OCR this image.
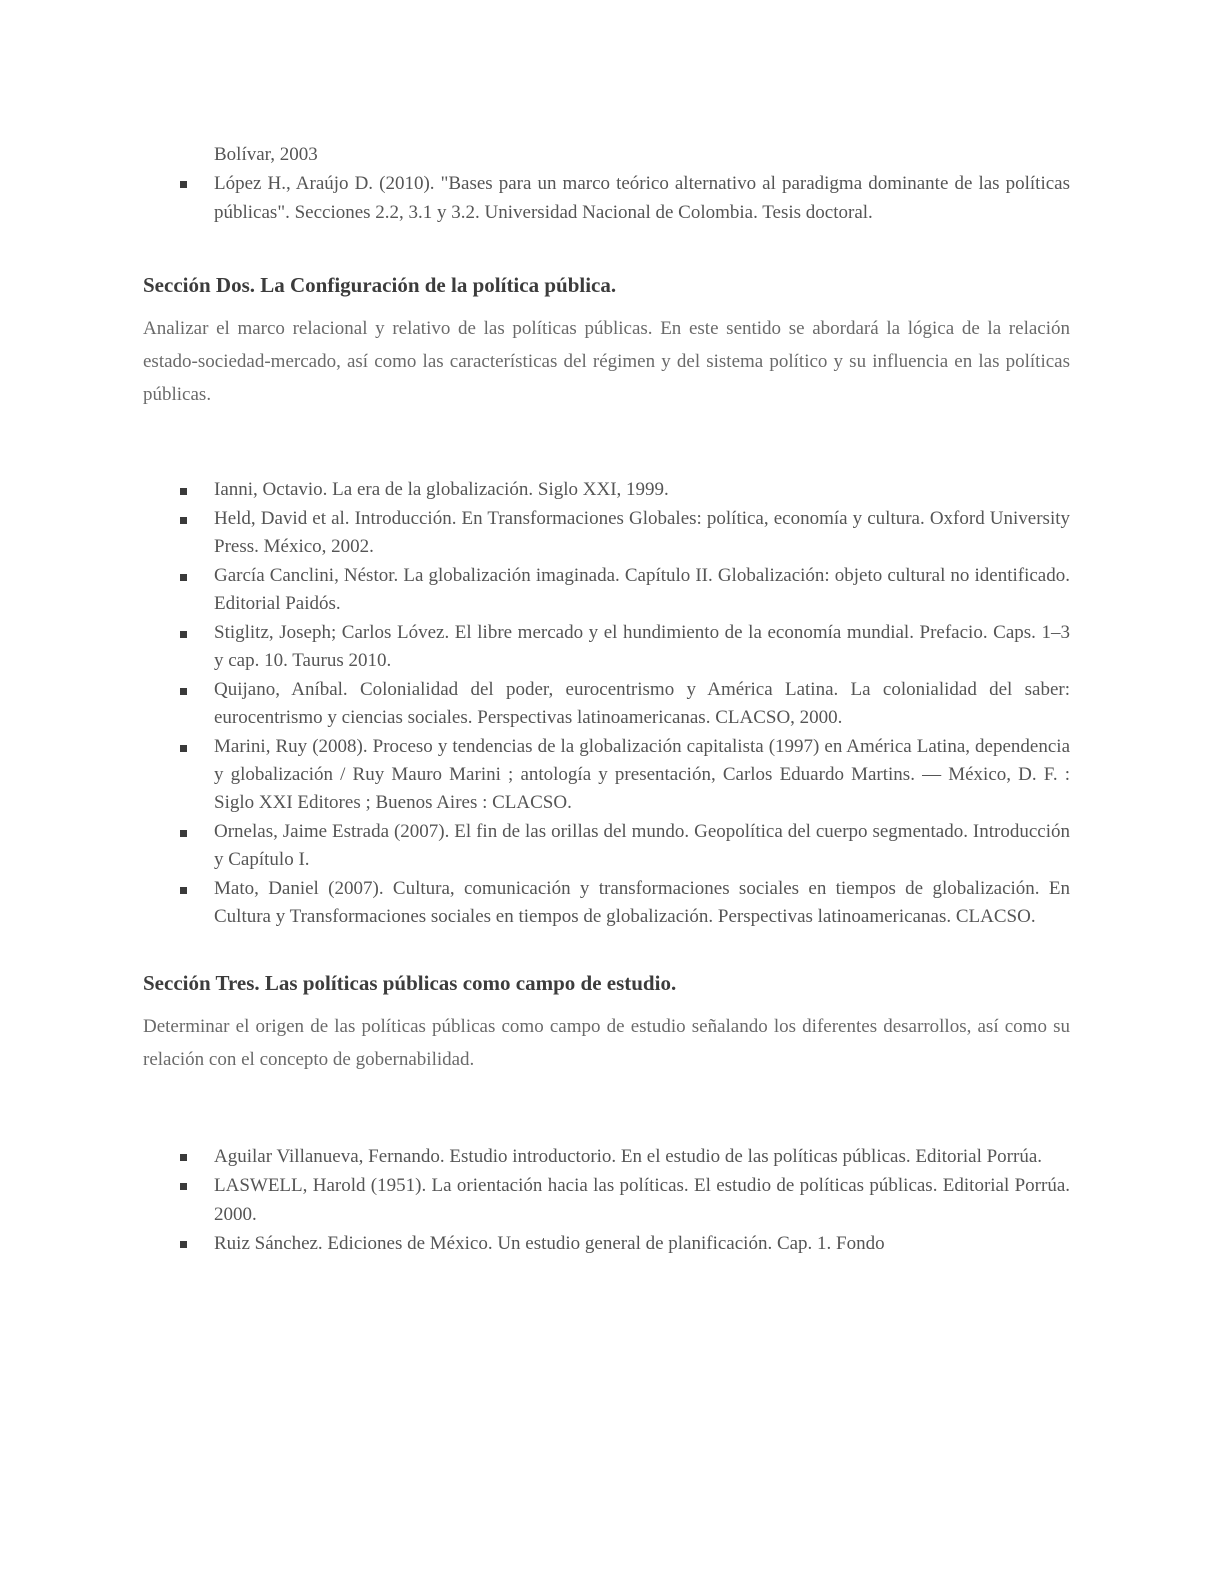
Bolívar, 2003
López H., Araújo D. (2010). "Bases para un marco teórico alternativo al paradigma dominante de las políticas públicas". Secciones 2.2, 3.1 y 3.2. Universidad Nacional de Colombia. Tesis doctoral.
Sección Dos. La Configuración de la política pública.

Analizar el marco relacional y relativo de las políticas públicas. En este sentido se abordará la lógica de la relación estado-sociedad-mercado, así como las características del régimen y del sistema político y su influencia en las políticas públicas.

Ianni, Octavio. La era de la globalización. Siglo XXI, 1999.
Held, David et al. Introducción. En Transformaciones Globales: política, economía y cultura. Oxford University Press. México, 2002.
García Canclini, Néstor. La globalización imaginada. Capítulo II. Globalización: objeto cultural no identificado. Editorial Paidós.
Stiglitz, Joseph; Carlos Lóvez. El libre mercado y el hundimiento de la economía mundial. Prefacio. Caps. 1–3 y cap. 10. Taurus 2010.
Quijano, Aníbal. Colonialidad del poder, eurocentrismo y América Latina. La colonialidad del saber: eurocentrismo y ciencias sociales. Perspectivas latinoamericanas. CLACSO, 2000.
Marini, Ruy (2008). Proceso y tendencias de la globalización capitalista (1997) en América Latina, dependencia y globalización / Ruy Mauro Marini ; antología y presentación, Carlos Eduardo Martins. — México, D. F. : Siglo XXI Editores ; Buenos Aires : CLACSO.
Ornelas, Jaime Estrada (2007). El fin de las orillas del mundo. Geopolítica del cuerpo segmentado. Introducción y Capítulo I.
Mato, Daniel (2007). Cultura, comunicación y transformaciones sociales en tiempos de globalización. En Cultura y Transformaciones sociales en tiempos de globalización. Perspectivas latinoamericanas. CLACSO.
Sección Tres. Las políticas públicas como campo de estudio.

Determinar el origen de las políticas públicas como campo de estudio señalando los diferentes desarrollos, así como su relación con el concepto de gobernabilidad.

Aguilar Villanueva, Fernando. Estudio introductorio. En el estudio de las políticas públicas. Editorial Porrúa.
LASWELL, Harold (1951). La orientación hacia las políticas. El estudio de políticas públicas. Editorial Porrúa. 2000.
Ruiz Sánchez. Ediciones de México. Un estudio general de planificación. Cap. 1. Fondo
